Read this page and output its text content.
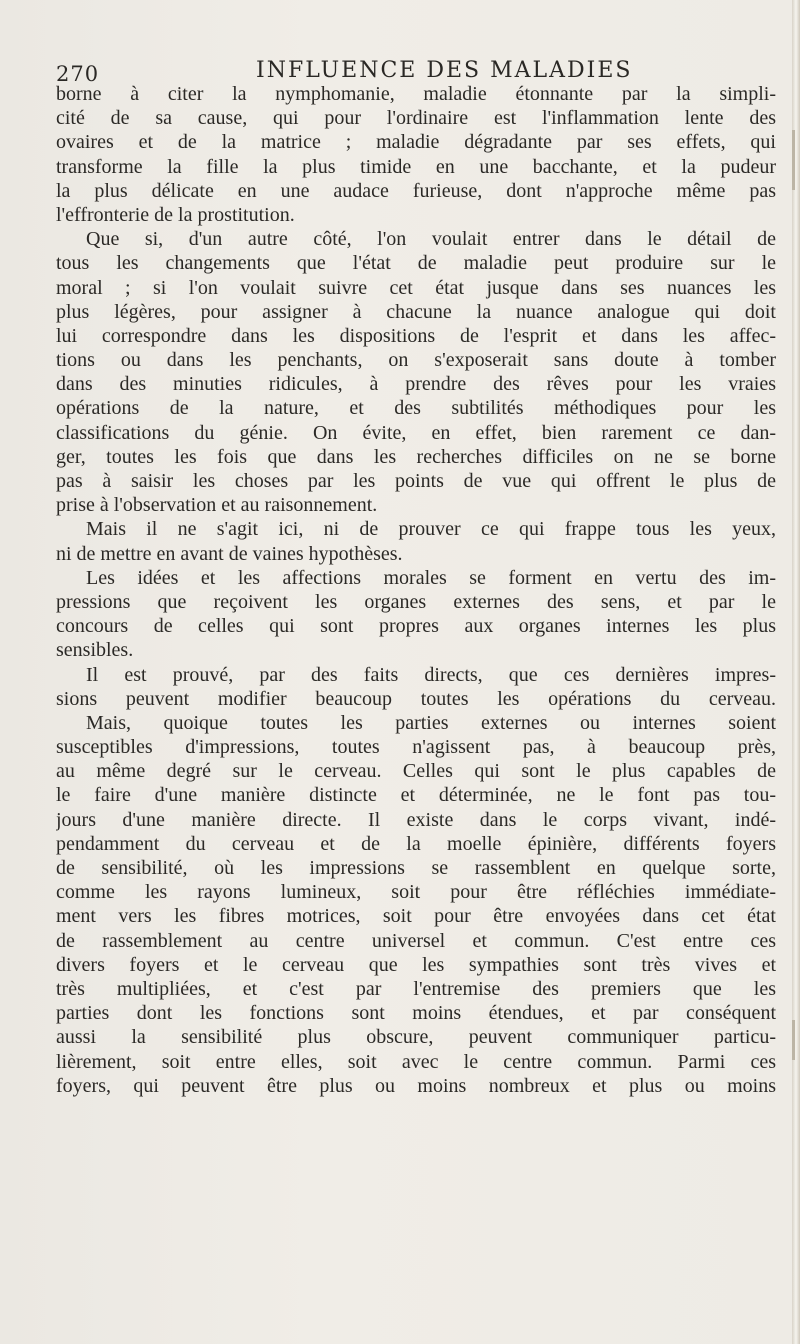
270	INFLUENCE DES MALADIES
borne à citer la nymphomanie, maladie étonnante par la simpli-
cité de sa cause, qui pour l'ordinaire est l'inflammation lente des
ovaires et de la matrice ; maladie dégradante par ses effets, qui
transforme la fille la plus timide en une bacchante, et la pudeur
la plus délicate en une audace furieuse, dont n'approche même pas
l'effronterie de la prostitution.
Que si, d'un autre côté, l'on voulait entrer dans le détail de
tous les changements que l'état de maladie peut produire sur le
moral ; si l'on voulait suivre cet état jusque dans ses nuances les
plus légères, pour assigner à chacune la nuance analogue qui doit
lui correspondre dans les dispositions de l'esprit et dans les affec-
tions ou dans les penchants, on s'exposerait sans doute à tomber
dans des minuties ridicules, à prendre des rêves pour les vraies
opérations de la nature, et des subtilités méthodiques pour les
classifications du génie. On évite, en effet, bien rarement ce dan-
ger, toutes les fois que dans les recherches difficiles on ne se borne
pas à saisir les choses par les points de vue qui offrent le plus de
prise à l'observation et au raisonnement.
Mais il ne s'agit ici, ni de prouver ce qui frappe tous les yeux,
ni de mettre en avant de vaines hypothèses.
Les idées et les affections morales se forment en vertu des im-
pressions que reçoivent les organes externes des sens, et par le
concours de celles qui sont propres aux organes internes les plus
sensibles.
Il est prouvé, par des faits directs, que ces dernières impres-
sions peuvent modifier beaucoup toutes les opérations du cerveau.
Mais, quoique toutes les parties externes ou internes soient
susceptibles d'impressions, toutes n'agissent pas, à beaucoup près,
au même degré sur le cerveau. Celles qui sont le plus capables de
le faire d'une manière distincte et déterminée, ne le font pas tou-
jours d'une manière directe. Il existe dans le corps vivant, indé-
pendamment du cerveau et de la moelle épinière, différents foyers
de sensibilité, où les impressions se rassemblent en quelque sorte,
comme les rayons lumineux, soit pour être réfléchies immédiate-
ment vers les fibres motrices, soit pour être envoyées dans cet état
de rassemblement au centre universel et commun. C'est entre ces
divers foyers et le cerveau que les sympathies sont très vives et
très multipliées, et c'est par l'entremise des premiers que les
parties dont les fonctions sont moins étendues, et par conséquent
aussi la sensibilité plus obscure, peuvent communiquer particu-
lièrement, soit entre elles, soit avec le centre commun. Parmi ces
foyers, qui peuvent être plus ou moins nombreux et plus ou moins
